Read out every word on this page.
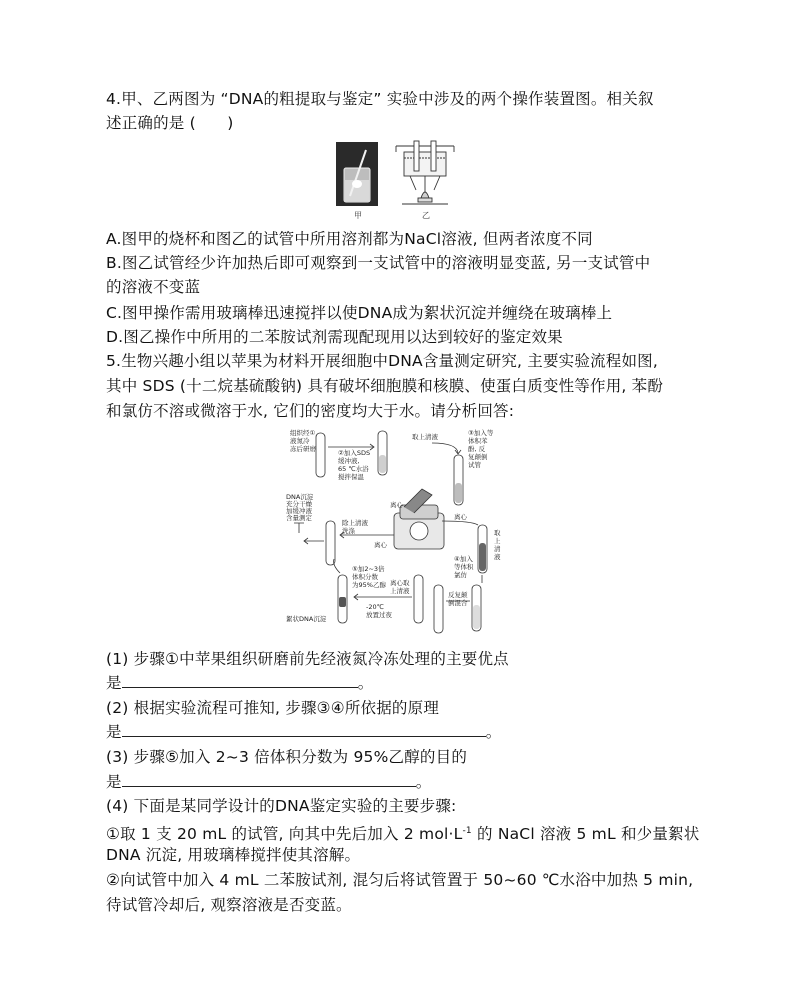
4.甲、乙两图为 “DNA的粗提取与鉴定” 实验中涉及的两个操作装置图。相关叙
述正确的是 (　　)
甲	乙
A.图甲的烧杯和图乙的试管中所用溶剂都为NaCl溶液, 但两者浓度不同
B.图乙试管经少许加热后即可观察到一支试管中的溶液明显变蓝, 另一支试管中
的溶液不变蓝
C.图甲操作需用玻璃棒迅速搅拌以使DNA成为絮状沉淀并缠绕在玻璃棒上
D.图乙操作中所用的二苯胺试剂需现配现用以达到较好的鉴定效果
5.生物兴趣小组以苹果为材料开展细胞中DNA含量测定研究, 主要实验流程如图,
其中 SDS (十二烷基硫酸钠) 具有破坏细胞膜和核膜、使蛋白质变性等作用, 苯酚
和氯仿不溶或微溶于水, 它们的密度均大于水。请分析回答:
组织经①
液氮冷
冻后研磨	②加入SDS
缓冲液,
65 ℃水浴
搅拌保温
取上清液	③加入等
体积苯
酚, 反
复颠倒
试管
离心
DNA沉淀
充分干燥
加缓冲液
含量测定
除上清液
洗涤
离心
离心
取
上
清
液
⑤加2~3倍
体积分数
为95%乙醇
-20℃
放置过夜
离心取
上清液
④加入
等体积
氯仿
反复颠
倒混合
絮状DNA沉淀
(1) 步骤①中苹果组织研磨前先经液氮冷冻处理的主要优点
是	。
(2) 根据实验流程可推知, 步骤③④所依据的原理
是	。
(3) 步骤⑤加入 2~3 倍体积分数为 95%乙醇的目的
是	。
(4) 下面是某同学设计的DNA鉴定实验的主要步骤:
①取 1 支 20 mL 的试管, 向其中先后加入 2 $mol\cdot L^{-1}$ 的 NaCl 溶液 5 mL 和少量絮状
DNA 沉淀, 用玻璃棒搅拌使其溶解。
②向试管中加入 4 mL 二苯胺试剂, 混匀后将试管置于 50~60 ℃水浴中加热 5 min,
待试管冷却后, 观察溶液是否变蓝。
